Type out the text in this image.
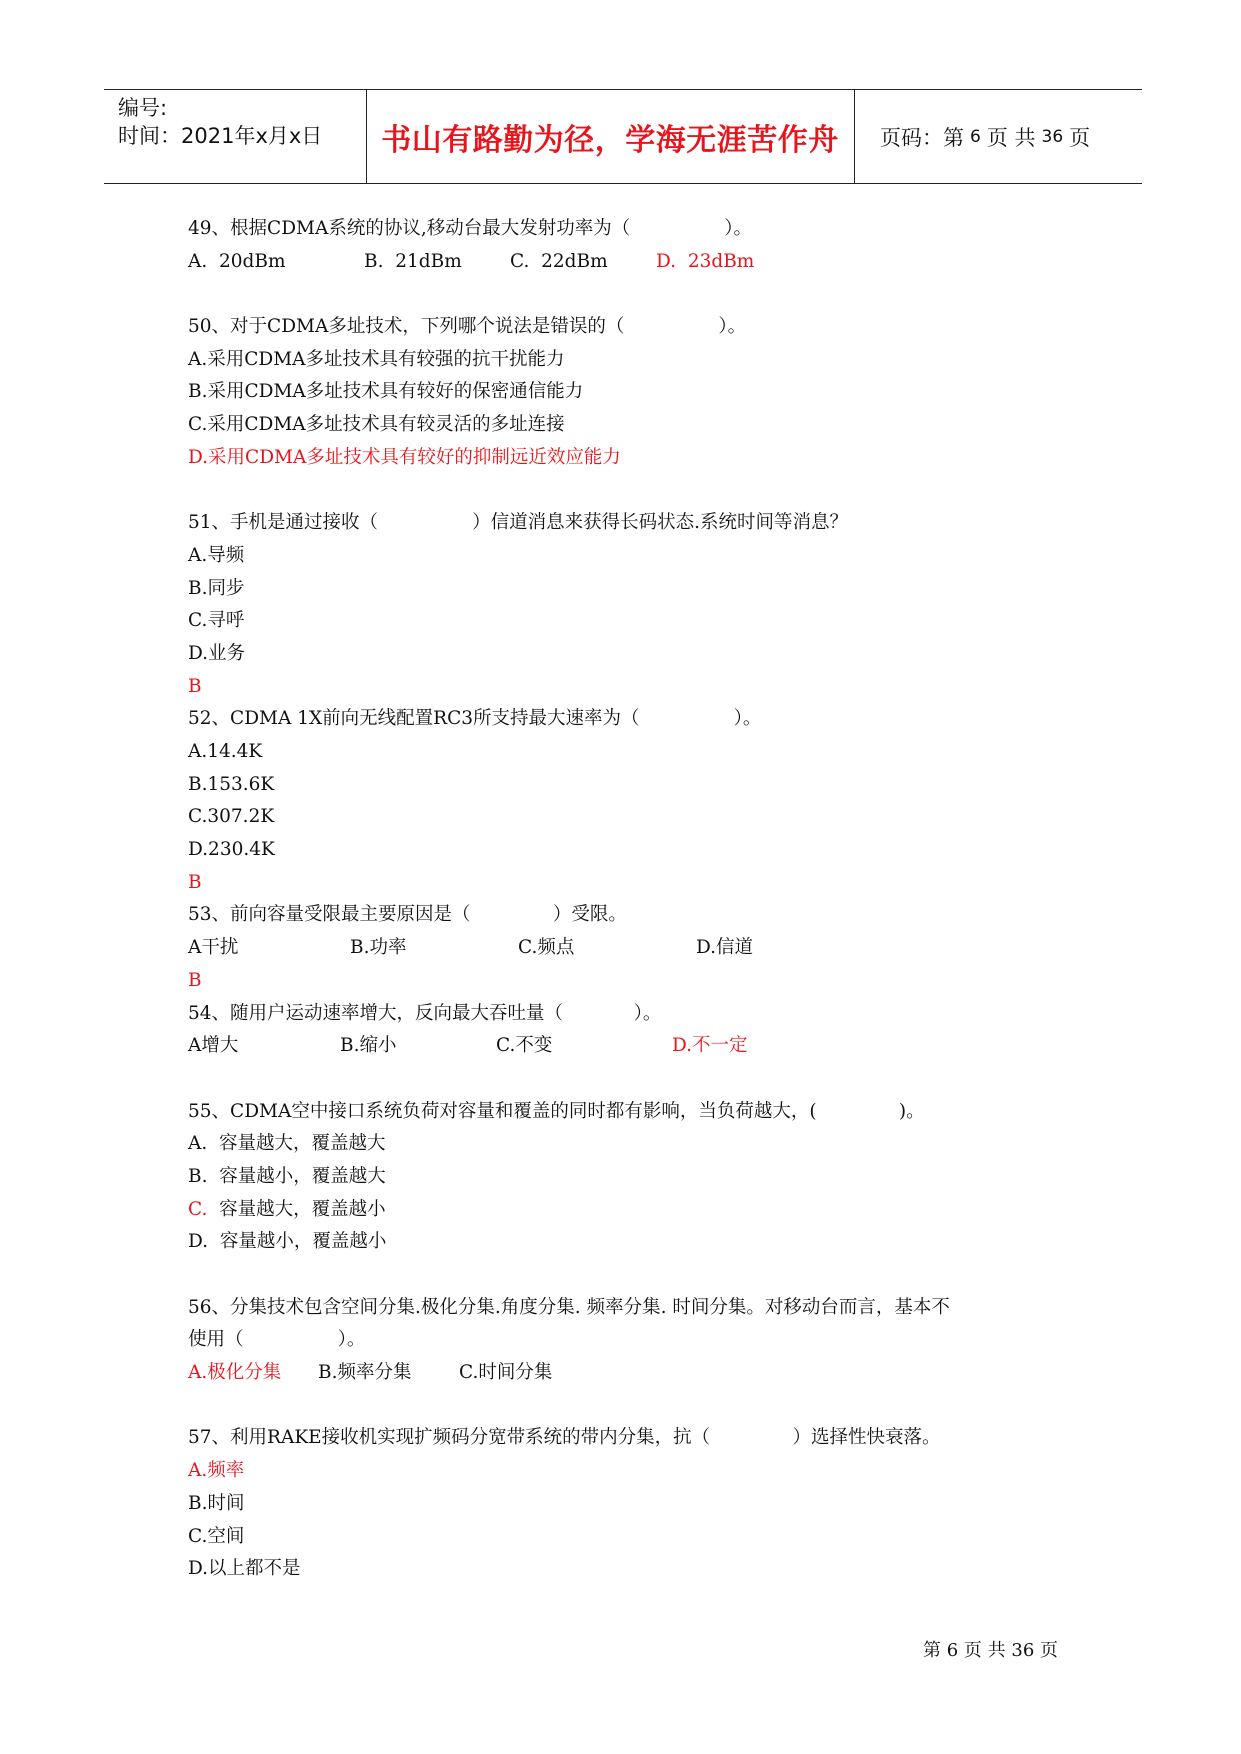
编号:
时间：2021年x月x日	书山有路勤为径，学海无涯苦作舟	页码：第 6 页 共 36 页
49、根据CDMA系统的协议,移动台最大发射功率为（                ）。
A.  20dBm	B.  21dBm	C.  22dBm	D.  23dBm
50、对于CDMA多址技术，下列哪个说法是错误的（                ）。
A.采用CDMA多址技术具有较强的抗干扰能力
B.采用CDMA多址技术具有较好的保密通信能力
C.采用CDMA多址技术具有较灵活的多址连接
D.采用CDMA多址技术具有较好的抑制远近效应能力
51、手机是通过接收（                ）信道消息来获得长码状态.系统时间等消息？
A.导频
B.同步
C.寻呼
D.业务
B
52、CDMA 1X前向无线配置RC3所支持最大速率为（                ）。
A.14.4K
B.153.6K
C.307.2K
D.230.4K
B
53、前向容量受限最主要原因是（              ）受限。
A干扰	B.功率	C.频点	D.信道
B
54、随用户运动速率增大，反向最大吞吐量（            ）。
A增大	B.缩小	C.不变	D.不一定
55、CDMA空中接口系统负荷对容量和覆盖的同时都有影响，当负荷越大，(              )。
A.  容量越大，覆盖越大
B.  容量越小，覆盖越大
C.  容量越大，覆盖越小
D.  容量越小，覆盖越小
56、分集技术包含空间分集.极化分集.角度分集. 频率分集. 时间分集。对移动台而言，基本不
使用（                ）。
A.极化分集 B.频率分集	C.时间分集
57、利用RAKE接收机实现扩频码分宽带系统的带内分集，抗（              ）选择性快衰落。
A.频率
B.时间
C.空间
D.以上都不是
第 6 页 共 36 页
